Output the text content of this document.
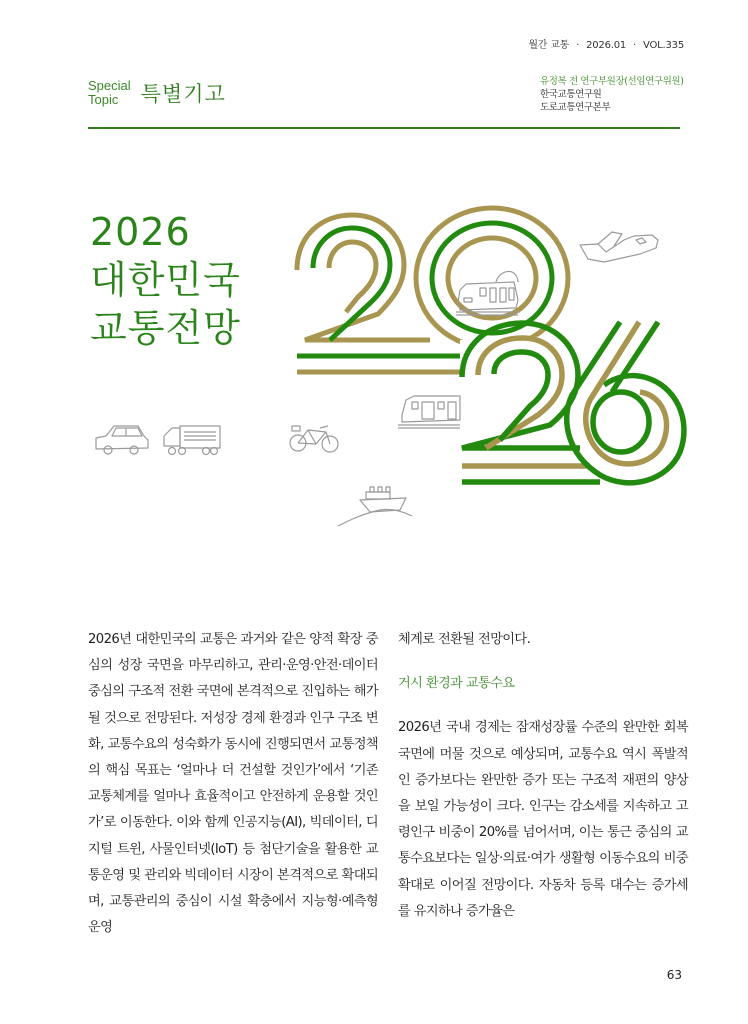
월간 교통 · 2026.01 · VOL.335
Special
Topic	특별기고
유정복 전 연구부원장(선임연구위원)
한국교통연구원
도로교통연구본부
2026
대한민국
교통전망

2026년 대한민국의 교통은 과거와 같은 양적 확장 중심의 성장 국면을 마무리하고, 관리·운영·안전·데이터 중심의 구조적 전환 국면에 본격적으로 진입하는 해가 될 것으로 전망된다. 저성장 경제 환경과 인구 구조 변화, 교통수요의 성숙화가 동시에 진행되면서 교통정책의 핵심 목표는 ‘얼마나 더 건설할 것인가’에서 ‘기존 교통체계를 얼마나 효율적이고 안전하게 운용할 것인가’로 이동한다. 이와 함께 인공지능(AI), 빅데이터, 디지털 트윈, 사물인터넷(IoT) 등 첨단기술을 활용한 교통운영 및 관리와 빅데이터 시장이 본격적으로 확대되며, 교통관리의 중심이 시설 확충에서 지능형·예측형 운영

체계로 전환될 전망이다.

거시 환경과 교통수요

2026년 국내 경제는 잠재성장률 수준의 완만한 회복 국면에 머물 것으로 예상되며, 교통수요 역시 폭발적인 증가보다는 완만한 증가 또는 구조적 재편의 양상을 보일 가능성이 크다. 인구는 감소세를 지속하고 고령인구 비중이 20%를 넘어서며, 이는 통근 중심의 교통수요보다는 일상·의료·여가 생활형 이동수요의 비중 확대로 이어질 전망이다. 자동차 등록 대수는 증가세를 유지하나 증가율은

63
